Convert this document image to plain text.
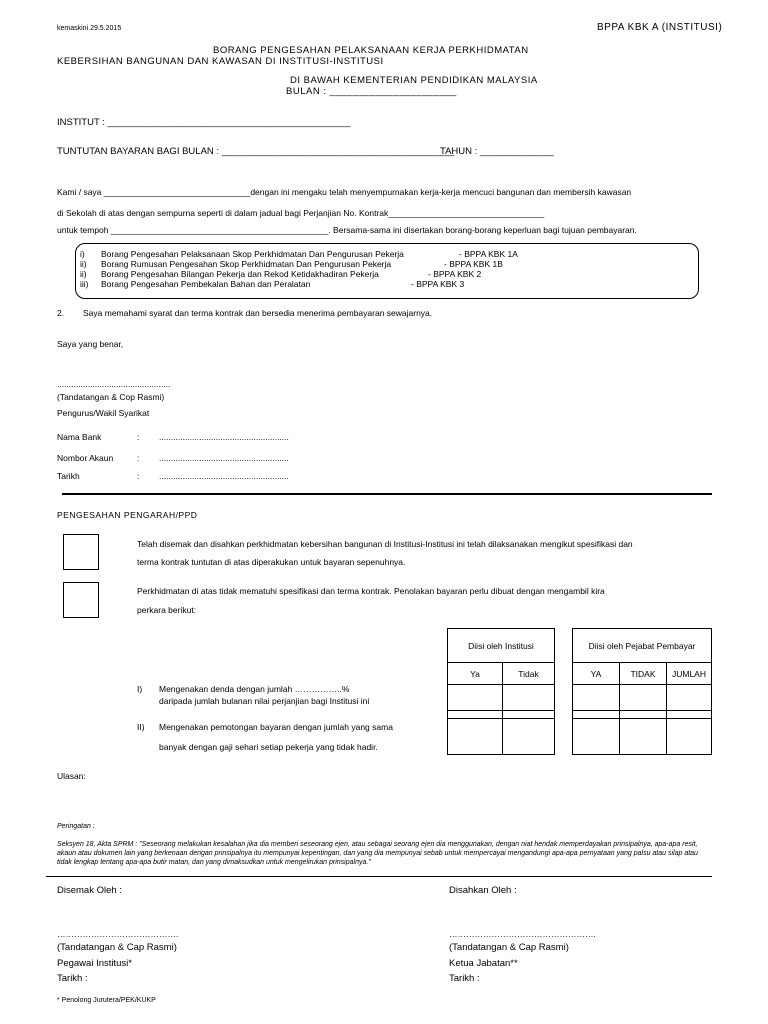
kemaskini 29.5.2015	BPPA KBK A (INSTITUSI)
BORANG PENGESAHAN PELAKSANAAN KERJA PERKHIDMATAN
KEBERSIHAN BANGUNAN DAN KAWASAN DI INSTITUSI-INSTITUSI
DI BAWAH KEMENTERIAN PENDIDIKAN MALAYSIA
BULAN : ______________________
INSTITUT : ______________________________________________
TUNTUTAN BAYARAN BAGI BULAN : ____________________________________________
TAHUN : ______________
Kami / saya _______________________________dengan ini mengaku telah menyempurnakan kerja-kerja mencuci bangunan dan membersih kawasan
di Sekolah di atas dengan sempurna seperti di dalam jadual bagi Perjanjian No. Kontrak_________________________________
untuk tempoh ______________________________________________. Bersama-sama ini disertakan borang-borang keperluan bagi tujuan pembayaran.
i) Borang Pengesahan Pelaksanaan Skop Perkhidmatan Dan Pengurusan Pekerja	- BPPA KBK 1A
ii) Borang Rumusan Pengesahan Skop Perkhidmatan Dan Pengurusan Pekerja	- BPPA KBK 1B
ii) Borang Pengesahan Bilangan Pekerja dan Rekod Ketidakhadiran Pekerja	- BPPA KBK 2
iii) Borang Pengesahan Pembekalan Bahan dan Peralatan	- BPPA KBK 3
2. Saya memahami syarat dan terma kontrak dan bersedia menerima pembayaran sewajarnya.
Saya yang benar,
................................................
(Tandatangan & Cop Rasmi)
Pengurus/Wakil Syarikat
Nama Bank	: .......................................................
Nombor Akaun	: .......................................................
Tarikh	: .......................................................
PENGESAHAN PENGARAH/PPD
Telah disemak dan disahkan perkhidmatan kebersihan bangunan di Institusi-Institusi ini telah dilaksanakan mengikut spesifikasi dan
terma kontrak tuntutan di atas diperakukan untuk bayaran sepenuhnya.
Perkhidmatan di atas tidak mematuhi spesifikasi dan terma kontrak. Penolakan bayaran perlu dibuat dengan mengambil kira
perkara berikut:
I) Mengenakan denda dengan jumlah ……………..%
daripada jumlah bulanan nilai perjanjian bagi Institusi ini
II) Mengenakan pemotongan bayaran dengan jumlah yang sama
banyak dengan gaji sehari setiap pekerja yang tidak hadir.
Diisi oleh Institusi	
Ya	Tidak

Diisi oleh Pejabat Pembayar		
YA	TIDAK	JUMLAH

Ulasan:
Peringatan :
Seksyen 18, Akta SPRM : "Seseorang melakukan kesalahan jika dia memberi seseorang ejen, atau sebagai seorang ejen dia menggunakan, dengan niat hendak memperdayakan prinsipalnya, apa-apa resit, akaun atau dokumen lain yang berkenaan dengan prinsipalnya itu mempunyai kepentingan, dan yang dia mempunyai sebab untuk mempercayai mengandungi apa-apa pernyataan yang palsu atau silap atau tidak lengkap tentang apa-apa butir matan, dan yang dimaksudkan untuk mengelirukan prinsipalnya."
Disemak Oleh :	Disahkan Oleh :
…………………………………….	…………………………………………….
(Tandatangan & Cap Rasmi)	(Tandatangan & Cap Rasmi)
Pegawai Institusi*	Ketua Jabatan**
Tarikh :	Tarikh :
* Penolong Jurutera/PEK/KUKP
